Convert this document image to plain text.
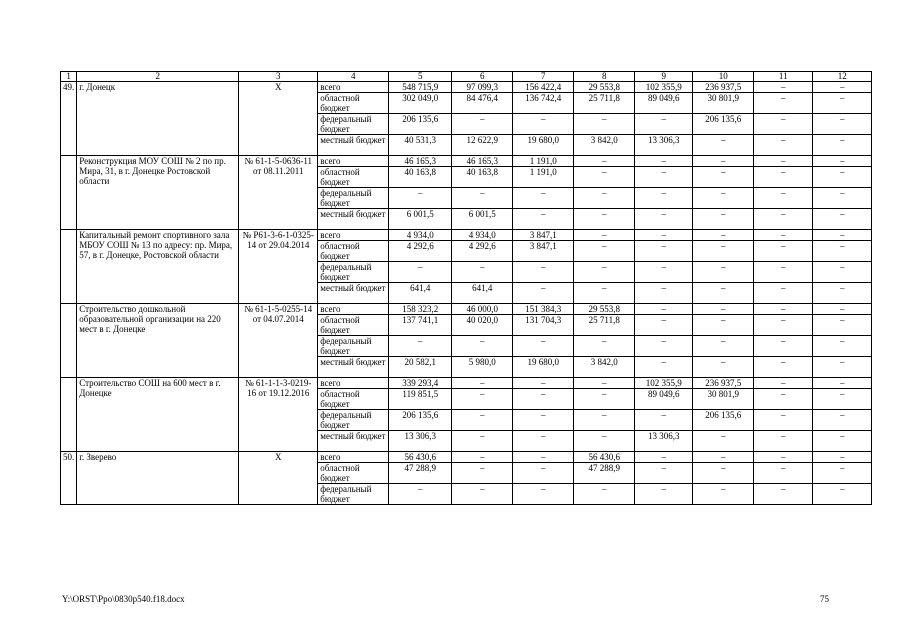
1	2	3	4	5	6	7	8	9	10	11	12
49.	г. Донецк	Х	всего	548 715,9	97 099,3	156 422,4	29 553,8	102 355,9	236 937,5	–	–
			областной бюджет	302 049,0	84 476,4	136 742,4	25 711,8	89 049,6	30 801,9	–	–
			федеральный бюджет	206 135,6	–	–	–	–	206 135,6	–	–
			местный бюджет	40 531,3	12 622,9	19 680,0	3 842,0	13 306,3	–	–	–
	Реконструкция МОУ СОШ № 2 по пр. Мира, 31, в г. Донецке Ростовской области	№ 61-1-5-0636-11 от 08.11.2011	всего	46 165,3	46 165,3	1 191,0	–	–	–	–	–
			областной бюджет	40 163,8	40 163,8	1 191,0	–	–	–	–	–
			федеральный бюджет	–	–	–	–	–	–	–	–
			местный бюджет	6 001,5	6 001,5	–	–	–	–	–	–
	Капитальный ремонт спортивного зала МБОУ СОШ № 13 по адресу: пр. Мира, 57, в г. Донецке, Ростовской области	№ Р61-3-6-1-0325-14 от 29.04.2014	всего	4 934,0	4 934,0	3 847,1	–	–	–	–	–
			областной бюджет	4 292,6	4 292,6	3 847,1	–	–	–	–	–
			федеральный бюджет	–	–	–	–	–	–	–	–
			местный бюджет	641,4	641,4	–	–	–	–	–	–
	Строительство дошкольной образовательной организации на 220 мест в г. Донецке	№ 61-1-5-0255-14 от 04.07.2014	всего	158 323,2	46 000,0	151 384,3	29 553,8	–	–	–	–
			областной бюджет	137 741,1	40 020,0	131 704,3	25 711,8	–	–	–	–
			федеральный бюджет	–	–	–	–	–	–	–	–
			местный бюджет	20 582,1	5 980,0	19 680,0	3 842,0	–	–	–	–
	Строительство СОШ на 600 мест в г. Донецке	№ 61-1-1-3-0219-16 от 19.12.2016	всего	339 293,4	–	–	–	102 355,9	236 937,5	–	–
			областной бюджет	119 851,5	–	–	–	89 049,6	30 801,9	–	–
			федеральный бюджет	206 135,6	–	–	–	–	206 135,6	–	–
			местный бюджет	13 306,3	–	–	–	13 306,3	–	–	–
50.	г. Зверево	Х	всего	56 430,6	–	–	56 430,6	–	–	–	–
			областной бюджет	47 288,9	–	–	47 288,9	–	–	–	–
			федеральный бюджет	–	–	–	–	–	–	–	–
Y:\ORST\Ppo\0830p540.f18.docx	75
